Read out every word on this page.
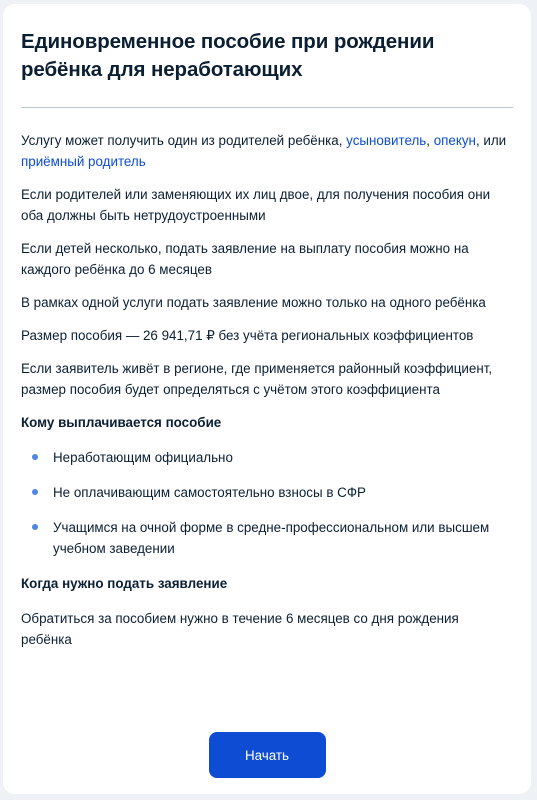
Единовременное пособие при рождении ребёнка для неработающих

Услугу может получить один из родителей ребёнка, усыновитель, опекун, или приёмный родитель

Если родителей или заменяющих их лиц двое, для получения пособия они оба должны быть нетрудоустроенными

Если детей несколько, подать заявление на выплату пособия можно на каждого ребёнка до 6 месяцев

В рамках одной услуги подать заявление можно только на одного ребёнка

Размер пособия — 26 941,71 ₽ без учёта региональных коэффициентов

Если заявитель живёт в регионе, где применяется районный коэффициент, размер пособия будет определяться с учётом этого коэффициента

Кому выплачивается пособие
Неработающим официально
Не оплачивающим самостоятельно взносы в СФР
Учащимся на очной форме в средне-профессиональном или высшем учебном заведении
Когда нужно подать заявление

Обратиться за пособием нужно в течение 6 месяцев со дня рождения ребёнка

Начать
